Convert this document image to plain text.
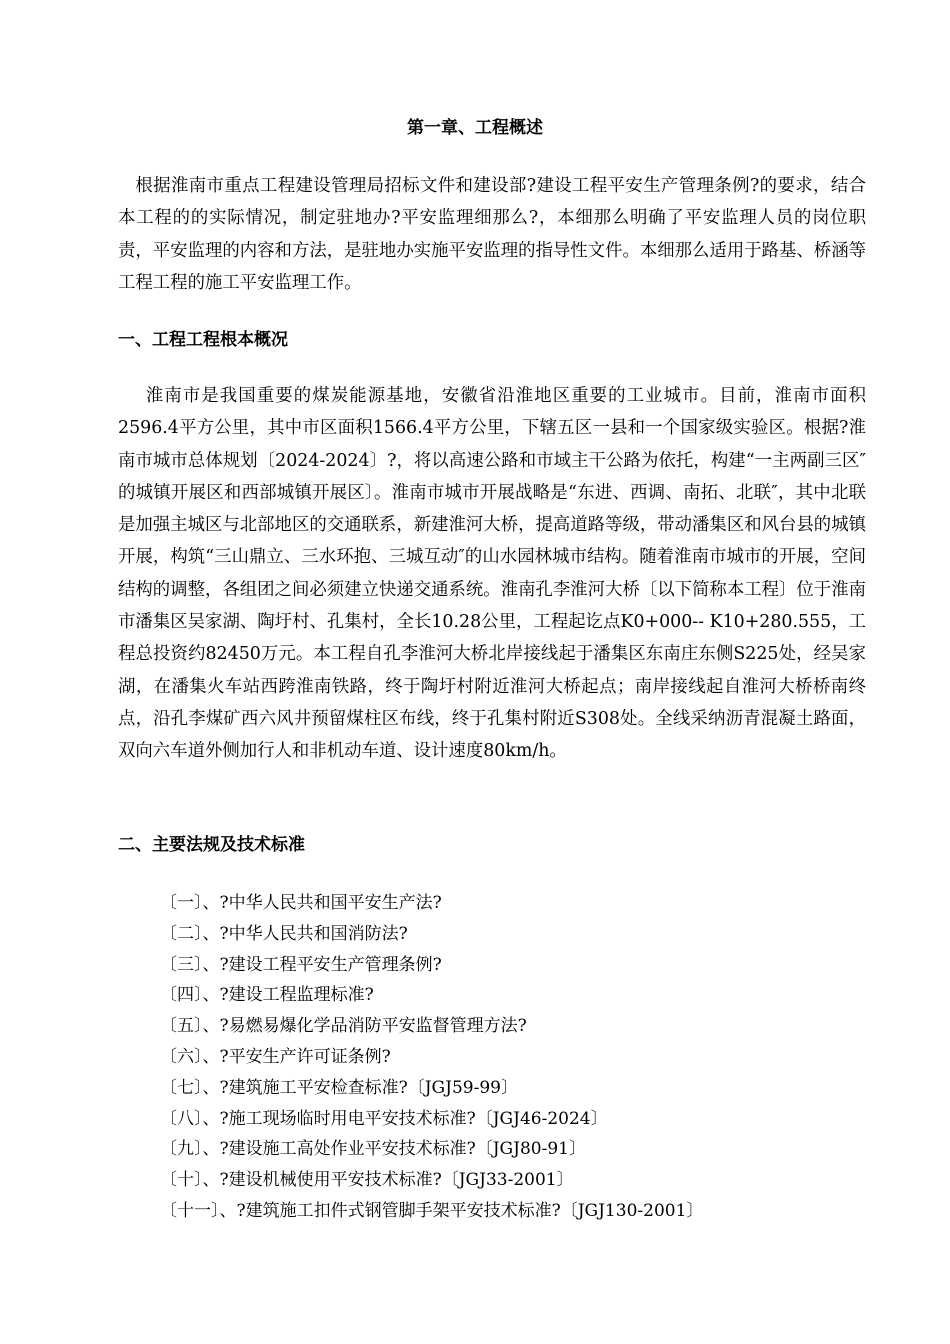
第一章、工程概述

根据淮南市重点工程建设管理局招标文件和建设部?建设工程平安生产管理条例?的要求，结合本工程的的实际情况，制定驻地办?平安监理细那么?，本细那么明确了平安监理人员的岗位职责，平安监理的内容和方法，是驻地办实施平安监理的指导性文件。本细那么适用于路基、桥涵等工程工程的施工平安监理工作。

一、工程工程根本概况

淮南市是我国重要的煤炭能源基地，安徽省沿淮地区重要的工业城市。目前，淮南市面积2596.4平方公里，其中市区面积1566.4平方公里，下辖五区一县和一个国家级实验区。根据?淮南市城市总体规划〔2024-2024〕?，将以高速公路和市域主干公路为依托，构建“一主两副三区″的城镇开展区和西部城镇开展区〕。淮南市城市开展战略是“东进、西调、南拓、北联″，其中北联是加强主城区与北部地区的交通联系，新建淮河大桥，提高道路等级，带动潘集区和风台县的城镇开展，构筑“三山鼎立、三水环抱、三城互动″的山水园林城市结构。随着淮南市城市的开展，空间结构的调整，各组团之间必须建立快递交通系统。淮南孔李淮河大桥〔以下简称本工程〕位于淮南市潘集区吴家湖、陶圩村、孔集村，全长10.28公里，工程起讫点K0+000-- K10+280.555，工程总投资约82450万元。本工程自孔李淮河大桥北岸接线起于潘集区东南庄东侧S225处，经吴家湖，在潘集火车站西跨淮南铁路，终于陶圩村附近淮河大桥起点；南岸接线起自淮河大桥桥南终点，沿孔李煤矿西六风井预留煤柱区布线，终于孔集村附近S308处。全线采纳沥青混凝土路面，双向六车道外侧加行人和非机动车道、设计速度80km/h。

二、主要法规及技术标准
〔一〕、?中华人民共和国平安生产法?
〔二〕、?中华人民共和国消防法?
〔三〕、?建设工程平安生产管理条例?
〔四〕、?建设工程监理标准?
〔五〕、?易燃易爆化学品消防平安监督管理方法?
〔六〕、?平安生产许可证条例?
〔七〕、?建筑施工平安检查标准?〔JGJ59-99〕
〔八〕、?施工现场临时用电平安技术标准?〔JGJ46-2024〕
〔九〕、?建设施工高处作业平安技术标准?〔JGJ80-91〕
〔十〕、?建设机械使用平安技术标准?〔JGJ33-2001〕
〔十一〕、?建筑施工扣件式钢管脚手架平安技术标准?〔JGJ130-2001〕
